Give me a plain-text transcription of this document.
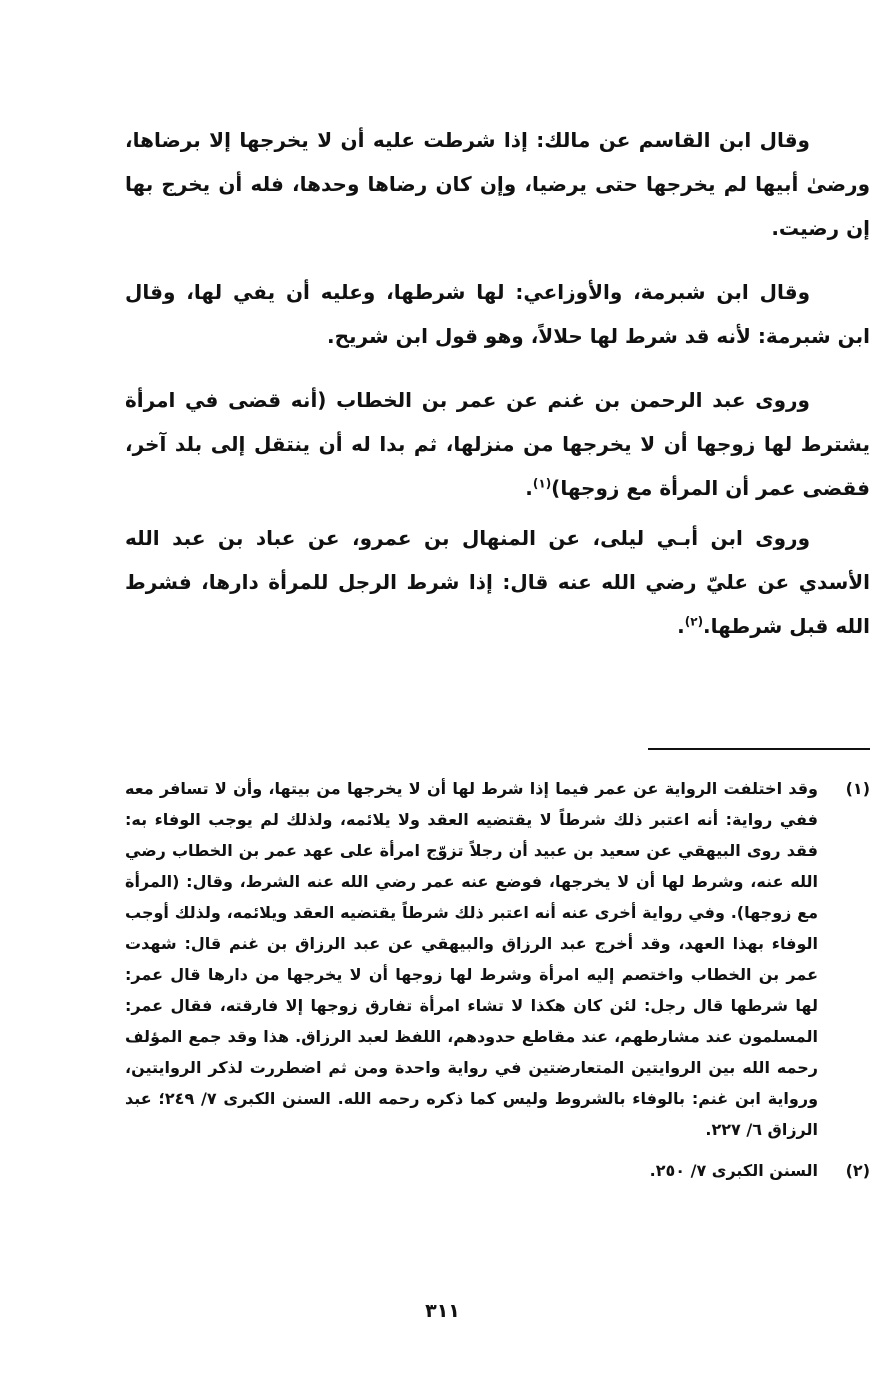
وقال ابن القاسم عن مالك: إذا شرطت عليه أن لا يخرجها إلا برضاها، ورضىٰ أبيها لم يخرجها حتى يرضيا، وإن كان رضاها وحدها، فله أن يخرج بها إن رضيت.

وقال ابن شبرمة، والأوزاعي: لها شرطها، وعليه أن يفي لها، وقال ابن شبرمة: لأنه قد شرط لها حلالاً، وهو قول ابن شريح.

وروى عبد الرحمن بن غنم عن عمر بن الخطاب (أنه قضى في امرأة يشترط لها زوجها أن لا يخرجها من منزلها، ثم بدا له أن ينتقل إلى بلد آخر، فقضى عمر أن المرأة مع زوجها)$^{(١)}$.

وروى ابن أبـي ليلى، عن المنهال بن عمرو، عن عباد بن عبد الله الأسدي عن عليّ رضي الله عنه قال: إذا شرط الرجل للمرأة دارها، فشرط الله قبل شرطها.$^{(٢)}$.

(١)
وقد اختلفت الرواية عن عمر فيما إذا شرط لها أن لا يخرجها من بيتها، وأن لا تسافر معه ففي رواية: أنه اعتبر ذلك شرطاً لا يقتضيه العقد ولا يلائمه، ولذلك لم يوجب الوفاء به: فقد روى البيهقي عن سعيد بن عبيد أن رجلاً تزوّج امرأة على عهد عمر بن الخطاب رضي الله عنه، وشرط لها أن لا يخرجها، فوضع عنه عمر رضي الله عنه الشرط، وقال: (المرأة مع زوجها). وفي رواية أخرى عنه أنه اعتبر ذلك شرطاً يقتضيه العقد ويلائمه، ولذلك أوجب الوفاء بهذا العهد، وقد أخرج عبد الرزاق والبيهقي عن عبد الرزاق بن غنم قال: شهدت عمر بن الخطاب واختصم إليه امرأة وشرط لها زوجها أن لا يخرجها من دارها قال عمر: لها شرطها قال رجل: لئن كان هكذا لا تشاء امرأة تفارق زوجها إلا فارقته، فقال عمر: المسلمون عند مشارطهم، عند مقاطع حدودهم، اللفظ لعبد الرزاق. هذا وقد جمع المؤلف رحمه الله بين الروايتين المتعارضتين في رواية واحدة ومن ثم اضطررت لذكر الروايتين، ورواية ابن غنم: بالوفاء بالشروط وليس كما ذكره رحمه الله. السنن الكبرى ٧/ ٢٤٩؛ عبد الرزاق ٦/ ٢٢٧.
(٢)
السنن الكبرى ٧/ ٢٥٠.
٣١١
